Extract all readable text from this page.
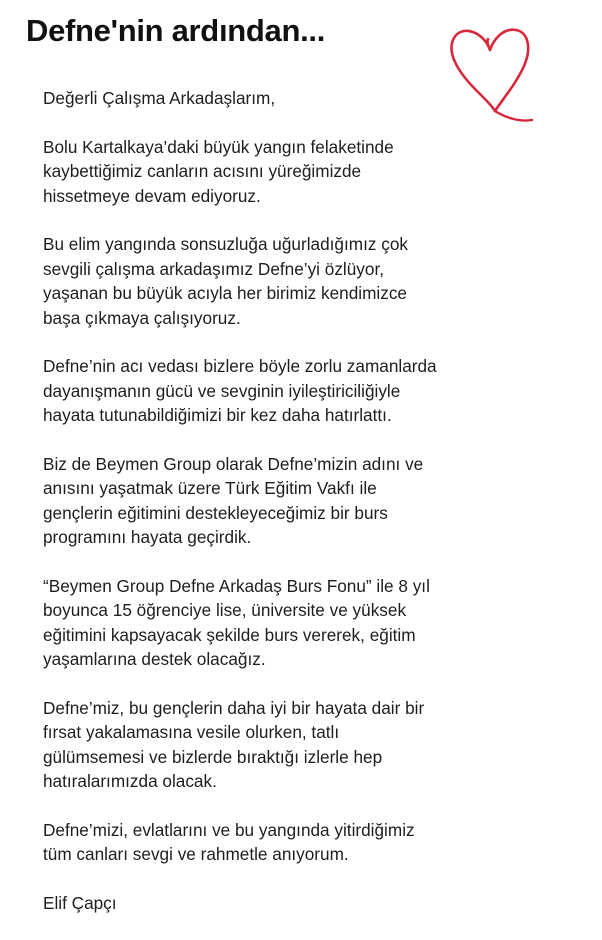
Defne'nin ardından...

Değerli Çalışma Arkadaşlarım,

Bolu Kartalkaya’daki büyük yangın felaketinde
kaybettiğimiz canların acısını yüreğimizde
hissetmeye devam ediyoruz.

Bu elim yangında sonsuzluğa uğurladığımız çok
sevgili çalışma arkadaşımız Defne’yi özlüyor,
yaşanan bu büyük acıyla her birimiz kendimizce
başa çıkmaya çalışıyoruz.

Defne’nin acı vedası bizlere böyle zorlu zamanlarda
dayanışmanın gücü ve sevginin iyileştiriciliğiyle
hayata tutunabildiğimizi bir kez daha hatırlattı.

Biz de Beymen Group olarak Defne’mizin adını ve
anısını yaşatmak üzere Türk Eğitim Vakfı ile
gençlerin eğitimini destekleyeceğimiz bir burs
programını hayata geçirdik.

“Beymen Group Defne Arkadaş Burs Fonu” ile 8 yıl
boyunca 15 öğrenciye lise, üniversite ve yüksek
eğitimini kapsayacak şekilde burs vererek, eğitim
yaşamlarına destek olacağız.

Defne’miz, bu gençlerin daha iyi bir hayata dair bir
fırsat yakalamasına vesile olurken, tatlı
gülümsemesi ve bizlerde bıraktığı izlerle hep
hatıralarımızda olacak.

Defne’mizi, evlatlarını ve bu yangında yitirdiğimiz
tüm canları sevgi ve rahmetle anıyorum.

Elif Çapçı
